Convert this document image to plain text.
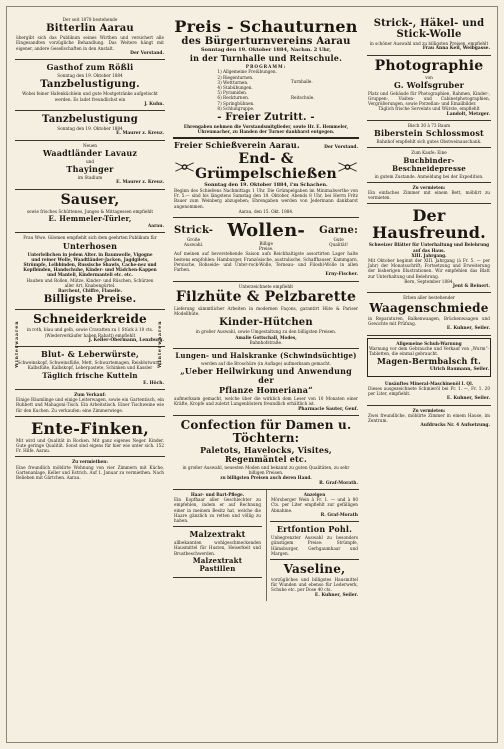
Der seit 1878 bestehende

Bitterlin Aarau

übergibt sich das Publikum seines Wirthen und versichert alle Eingesandten vorzügliche Behandlung. Das Weitere hängt mit eigener, andere Gesellschaften in den Anstalt.

Der Vorstand.

Gasthof zum Rößli

Sonntag den 19. Oktober 1884

Tanzbelustigung.

Wobei feiner Hafenküchlein und gute Mostgetränke aufgetischt werden. Es ladet freundlichst ein

J. Kuhn.

Tanzbelustigung

Sonntag den 19. Oktober 1884

E. Maurer z. Kreuz.

Neuen

Waadtländer Lavauz

und

Thayinger

im Stadium

E. Maurer z. Kreuz.

Sauser,

sowie frisches Schüttenes, Junges & Mittagessen empfiehlt

E. Hemmeler-Türler,

Aarau.

Winterwaaren	Winterwaaren

Frau Wwe. Gilomen empfiehlt sich dem geehrten Publikum für

Unterhosen

Unterleibchen in jedem Alter. in Baumwolle, Vigogne und reiner Wolle, Waadtländer-Jacken, Jagdgilets, Strümpfe, Leibbinden, Russische Shawls, Cache-nez und Kopfbinden, Handschuhe, Kinder- und Mädchen-Kappen und Manteli, Kindermanteli etc. etc.

Hauben und Rollen. Mütze, Kinder- und Rüschen, Schürzen aller Art, Knabengürtel.

Barchent, Chiffre, Flanelle.

Billigste Preise.

Schneiderkreide

in roth, blau und gelb, sowie Cravatten zu 1 Stück à 10 cts. (Wiederverkäufer haben Rabatt) empfiehlt

J. Keller-Obermann, Lenzburg.

Blut- & Leberwürste,

Schweinskopf, Schweinsfüße, Mett, Schwartemagen, Reisblutwurst, Kalbsfüße, Kalbskopf, Leberpastete, Schinken und Kassler

Täglich frische Kutteln

E. Höch.

Zum Verkauf:

Einige Bäumlinge und einige Leiterwagen, sowie ein Gartentisch, ein Ruhbett und Mahagoni-Tisch. Ein Arbeitstisch. Einer Tischweine wie für den Kuchen. Zu verkaufen: eine Zimmerwiege.

Ente-Finken,

Mit wird und Qualität in Rocken. Mit ganz eigenes Neger. Kinder. Gute geringe Qualität. Sonst sind eigens für hier wie unter sich. 152 Fr. Hilfe. Aarau.

Zu vermiethen:

Eine freundlich möblirte Wohnung von vier Zimmern mit Küche, Gartenanlage, Keller und Estrich. Auf 1. Januar zu vermiethen. Nach Belieben mit Gärtchen. Aarau.

Preis - Schauturnen

des Bürgerturnvereins Aarau

Sonntag den 19. Oktober 1884, Nachm. 2 Uhr,

in der Turnhalle und Reitschule.

PROGRAMM:

1) Allgemeine Freiübungen.
2) Riegenturnen.
3) Wettturnen.
4) Stabübungen.
5) Pyramiden.
6) Reckturnen.
7) Springbühnen.
8) Schlußgruppe.
Turnhalle.
Reitschule.

- Freier Zutritt. -

Ehrengaben nehmen die Vorstandsmitglieder, sowie Hr. E. Hemmeler, Uhrenmacher, zu Handen der Turner dankbarst entgegen.

Freier Schießverein Aarau.	Der Vorstand.

End- & Grümpelschießen

Sonntag den 19. Oktober 1884, i'm Schachen.

Beginn des Schießens Nachmittags 1 Uhr. Die Grümpelgaben im Minimalwerthe von Fr. 5.— sind bis längstens Samstag den 18. Oktober, Abends 8 Uhr, bei Herrn Fritz Bauer zum Weinberg abzugeben; Ehrengaben werden von Jedermann dankbarst angenommen.

Aarau, den 15. Okt. 1884.

Strick-
Große
Auswahl.
Wollen-
Billige
Preise.
Garne:
Gute
Qualität!

Auf meinen auf bevorstehende Saison aufs Reichhaltigste assortirten Lager halte bestens empfohlen: Hamburger, Französische, australische, Schaffhauser, Kammgarn, Persische, Rohseide- und Unter-rock-Wolle, Terneau- und Filoshl-Wolle in allen Farben.

Erny-Fischer.

Unterzeichnete empfiehlt

Filzhüte & Pelzbarette

Lieferung sämmtlicher Arbeiten in modernen Façons, garantirt Hüte & Pariser Modellhüte.

Kinder-Hütchen

in großer Auswahl, sowie Umgestaltung zu den billigsten Preisen.

Amalie Gottschall, Modes,

Bahnhofstraße.

Lungen- und Halskranke (Schwindsüchtige)

werden auf die Broschüre (in Auflage) aufmerksam gemacht.

„Ueber Heilwirkung und Anwendung der

Pflanze Homeriana“

aufmerksam gemacht, welche über die wirklich dem Leser von 10 Monaten einer Kräfte, Kropfe und zuletzt Lungenblutern freundlich erhältlich ist.

Pharmacie Sauter, Genf.

Confection für Damen u. Töchtern:

Paletots, Havelocks, Visites, Regenmäntel etc.

in großer Auswahl, neuesten Moden und bekannt zu guten Qualitäten, zu sehr billigen Preisen.

zu billigsten Preisen auch deren Hand.

R. Graf-Morath.

Haar- und Bart-Pflege.

Ein Kopfhaar aller Geschlechter zu empfehlen, indem er auf Rechnung einer in meinem Besitz hat, welche die Haare gänzlich zu retten und völlig zu haben.

Malzextrakt

allbekannten wohlgeschmeckenden Hausmittel für Husten, Heiserkeit und Brustbeschwerden.

Malzextrakt Pastillen

Anzeigen

Mörsberger Wein à Fr. 1. — und à 80 Cts. per Liter empfiehlt zur gefälligen Abnahme.

R. Graf-Morath

Ertfontion Pohl.

Unbegrenzter Auswahl zu besonders günstigem Preise: Strümpfe, Hämsburger, Gerbgaumhaar und Margen.

Vaseline,

vorzügliches und billigstes Hausmittel für Wunden und ebenso für Lederwerk, Schuhe etc. per Dose 40 cts.

E. Kuhner, Seiler.

Strick-, Häkel- und Stick-Wolle

in schöner Auswahl und zu billigsten Preisen, empfiehlt

Frau Anna Keil, Weibgasse.

Photographie

von

G. Wolfsgruber

Platz und Gebäude für Photographien, Rahmen, Kinder-, Gruppen-, Visiten- und Cabinetphotographien, Vergrößerungen, sowie Porzellan- und Emailbilder.

Täglich frische Servelats und Würste, empfiehlt

Landolt, Metzger.

Bisch 30 à 73 Baum

Biberstein Schlossmost

Bahnhof empfiehlt sich gutes Obstweinauschank.

Zum Kaufe: Eine

Buchbinder-Beschneidepresse

in gutem Zustande. Anmeldung bei der Expedition.

Zu vermieten:

Ein einfaches Zimmer mit einem Bett, möblirt zu vermieten.

Der Hausfreund.

Schweizer Blätter für Unterhaltung und Belehrung auf das Haus.

XIII. Jahrgang.

Mit Oktober beginnt der XIII. Jahrgang (à Fr. 5. — per Jahr) der Monatsschrift; Fortsetzung und Erweiterung der bisherigen Illustrationen. Wir empfehlen das Blatt zur Unterhaltung und Belehrung.

Bern, September 1884.

Jent & Reinert.

Erben aller bestehender

Waagenschmiede

in Reparaturen, Balkenwaagen, Brückenwaagen und Gewichte mit Prüfung.

E. Kuhner, Seiler.

Allgemeine Schuh-Warnung

Warnung vor dem Gebrauche und Verkauf von „Wurm“-Tabletten, die einmal gebraucht.

Magen-Bermbalsch ft.

Ulrich Baumann, Seiler.

Unsänftes Mineral-Maschinenöl I. Ql.

Dieses ausgezeichnete Schmieröl bei Fr. 1. —, Fr. 1. 20 per Liter, empfiehlt.

E. Kuhner, Seiler.

Zu vermieten:

Zwei freundliche, möblirte Zimmer in einem Hause, im Zentrum.

Aufdrucks Nr. 4 Aufsetzung.
